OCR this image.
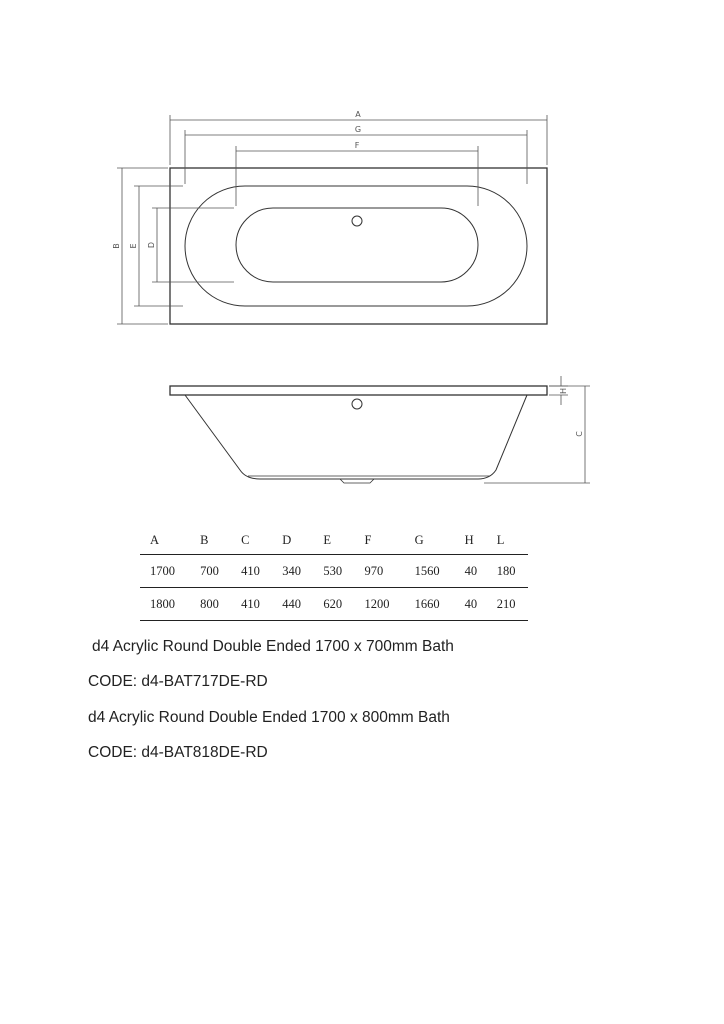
A
G
F
B E D
H
C
A	B	C	D	E	F	G	H	L
1700	700	410	340	530	970	1560	40	180
1800	800	410	440	620	1200	1660	40	210

d4 Acrylic Round Double Ended 1700 x 700mm Bath

CODE: d4-BAT717DE-RD

d4 Acrylic Round Double Ended 1700 x 800mm Bath

CODE: d4-BAT818DE-RD
